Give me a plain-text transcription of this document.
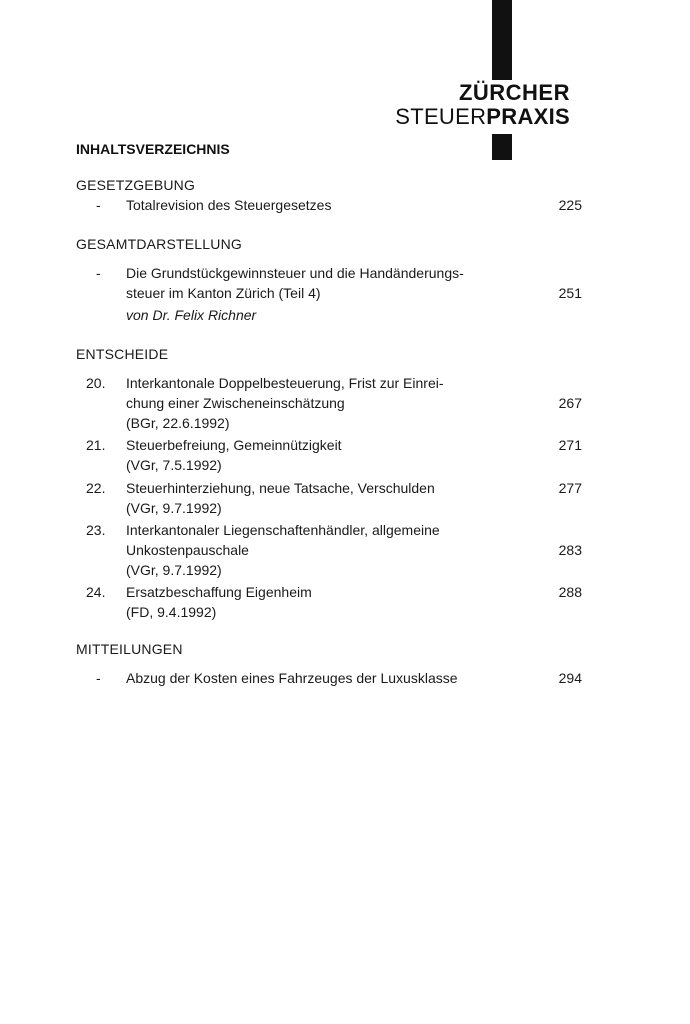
ZÜRCHER
STEUERPRAXIS
INHALTSVERZEICHNIS
GESETZGEBUNG
- Totalrevision des Steuergesetzes	225
GESAMTDARSTELLUNG
- Die Grundstückgewinnsteuer und die Handänderungs-
steuer im Kanton Zürich (Teil 4)
von Dr. Felix Richner
251
ENTSCHEIDE
20.	Interkantonale Doppelbesteuerung, Frist zur Einrei-
chung einer Zwischeneinschätzung
(BGr, 22.6.1992)
267
21.	Steuerbefreiung, Gemeinnützigkeit
(VGr, 7.5.1992)
271
22.	Steuerhinterziehung, neue Tatsache, Verschulden
(VGr, 9.7.1992)
277
23.	Interkantonaler Liegenschaftenhändler, allgemeine
Unkostenpauschale
(VGr, 9.7.1992)
283
24.	Ersatzbeschaffung Eigenheim
(FD, 9.4.1992)
288
MITTEILUNGEN
- Abzug der Kosten eines Fahrzeuges der Luxusklasse	294
